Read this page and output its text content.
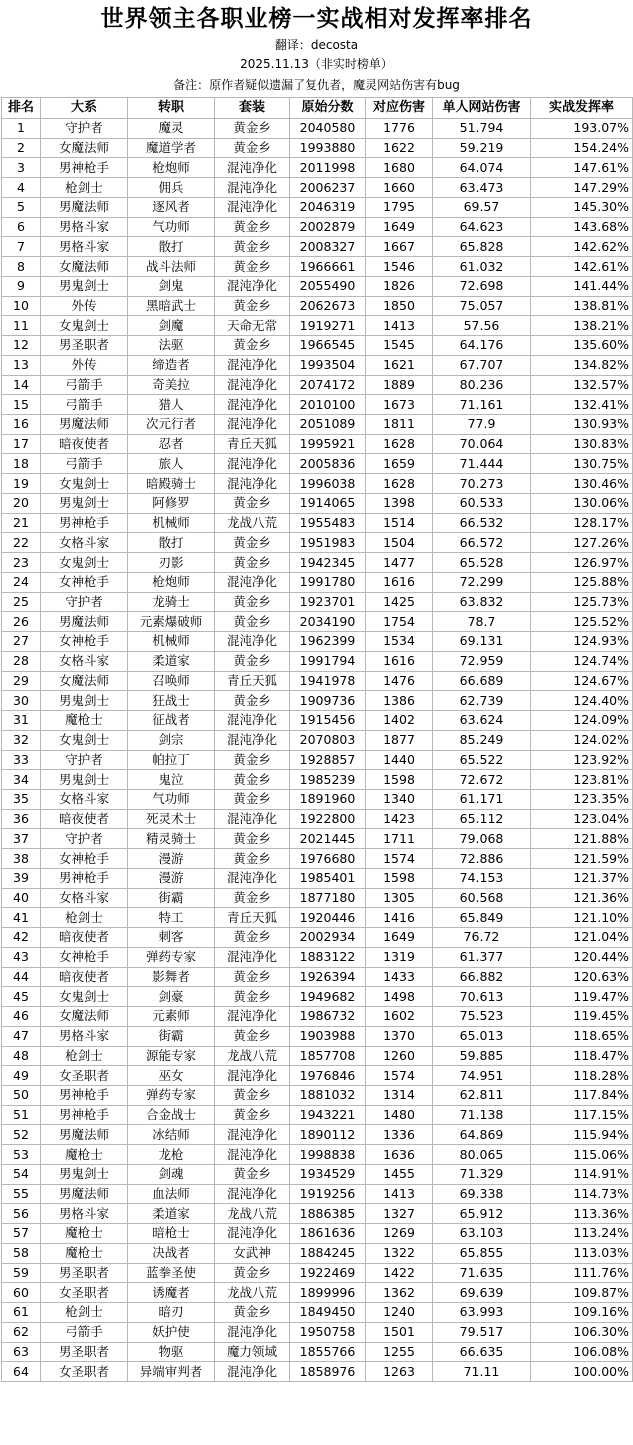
世界领主各职业榜一实战相对发挥率排名
翻译：decosta
2025.11.13（非实时榜单）
备注：原作者疑似遗漏了复仇者，魔灵网站伤害有bug
排名	大系	转职	套装	原始分数	对应伤害	单人网站伤害	实战发挥率
1	守护者	魔灵	黄金乡	2040580	1776	51.794	193.07%
2	女魔法师	魔道学者	黄金乡	1993880	1622	59.219	154.24%
3	男神枪手	枪炮师	混沌净化	2011998	1680	64.074	147.61%
4	枪剑士	佣兵	混沌净化	2006237	1660	63.473	147.29%
5	男魔法师	逐风者	混沌净化	2046319	1795	69.57	145.30%
6	男格斗家	气功师	黄金乡	2002879	1649	64.623	143.68%
7	男格斗家	散打	黄金乡	2008327	1667	65.828	142.62%
8	女魔法师	战斗法师	黄金乡	1966661	1546	61.032	142.61%
9	男鬼剑士	剑鬼	混沌净化	2055490	1826	72.698	141.44%
10	外传	黑暗武士	黄金乡	2062673	1850	75.057	138.81%
11	女鬼剑士	剑魔	天命无常	1919271	1413	57.56	138.21%
12	男圣职者	法驱	黄金乡	1966545	1545	64.176	135.60%
13	外传	缔造者	混沌净化	1993504	1621	67.707	134.82%
14	弓箭手	奇美拉	混沌净化	2074172	1889	80.236	132.57%
15	弓箭手	猎人	混沌净化	2010100	1673	71.161	132.41%
16	男魔法师	次元行者	混沌净化	2051089	1811	77.9	130.93%
17	暗夜使者	忍者	青丘天狐	1995921	1628	70.064	130.83%
18	弓箭手	旅人	混沌净化	2005836	1659	71.444	130.75%
19	女鬼剑士	暗殿骑士	混沌净化	1996038	1628	70.273	130.46%
20	男鬼剑士	阿修罗	黄金乡	1914065	1398	60.533	130.06%
21	男神枪手	机械师	龙战八荒	1955483	1514	66.532	128.17%
22	女格斗家	散打	黄金乡	1951983	1504	66.572	127.26%
23	女鬼剑士	刃影	黄金乡	1942345	1477	65.528	126.97%
24	女神枪手	枪炮师	混沌净化	1991780	1616	72.299	125.88%
25	守护者	龙骑士	黄金乡	1923701	1425	63.832	125.73%
26	男魔法师	元素爆破师	黄金乡	2034190	1754	78.7	125.52%
27	女神枪手	机械师	混沌净化	1962399	1534	69.131	124.93%
28	女格斗家	柔道家	黄金乡	1991794	1616	72.959	124.74%
29	女魔法师	召唤师	青丘天狐	1941978	1476	66.689	124.67%
30	男鬼剑士	狂战士	黄金乡	1909736	1386	62.739	124.40%
31	魔枪士	征战者	混沌净化	1915456	1402	63.624	124.09%
32	女鬼剑士	剑宗	混沌净化	2070803	1877	85.249	124.02%
33	守护者	帕拉丁	黄金乡	1928857	1440	65.522	123.92%
34	男鬼剑士	鬼泣	黄金乡	1985239	1598	72.672	123.81%
35	女格斗家	气功师	黄金乡	1891960	1340	61.171	123.35%
36	暗夜使者	死灵术士	混沌净化	1922800	1423	65.112	123.04%
37	守护者	精灵骑士	黄金乡	2021445	1711	79.068	121.88%
38	女神枪手	漫游	黄金乡	1976680	1574	72.886	121.59%
39	男神枪手	漫游	混沌净化	1985401	1598	74.153	121.37%
40	女格斗家	街霸	黄金乡	1877180	1305	60.568	121.36%
41	枪剑士	特工	青丘天狐	1920446	1416	65.849	121.10%
42	暗夜使者	刺客	黄金乡	2002934	1649	76.72	121.04%
43	女神枪手	弹药专家	混沌净化	1883122	1319	61.377	120.44%
44	暗夜使者	影舞者	黄金乡	1926394	1433	66.882	120.63%
45	女鬼剑士	剑豪	黄金乡	1949682	1498	70.613	119.47%
46	女魔法师	元素师	混沌净化	1986732	1602	75.523	119.45%
47	男格斗家	街霸	黄金乡	1903988	1370	65.013	118.65%
48	枪剑士	源能专家	龙战八荒	1857708	1260	59.885	118.47%
49	女圣职者	巫女	混沌净化	1976846	1574	74.951	118.28%
50	男神枪手	弹药专家	黄金乡	1881032	1314	62.811	117.84%
51	男神枪手	合金战士	黄金乡	1943221	1480	71.138	117.15%
52	男魔法师	冰结师	混沌净化	1890112	1336	64.869	115.94%
53	魔枪士	龙枪	混沌净化	1998838	1636	80.065	115.06%
54	男鬼剑士	剑魂	黄金乡	1934529	1455	71.329	114.91%
55	男魔法师	血法师	混沌净化	1919256	1413	69.338	114.73%
56	男格斗家	柔道家	龙战八荒	1886385	1327	65.912	113.36%
57	魔枪士	暗枪士	混沌净化	1861636	1269	63.103	113.24%
58	魔枪士	决战者	女武神	1884245	1322	65.855	113.03%
59	男圣职者	蓝拳圣使	黄金乡	1922469	1422	71.635	111.76%
60	女圣职者	诱魔者	龙战八荒	1899996	1362	69.639	109.87%
61	枪剑士	暗刃	黄金乡	1849450	1240	63.993	109.16%
62	弓箭手	妖护使	混沌净化	1950758	1501	79.517	106.30%
63	男圣职者	物驱	魔力领域	1855766	1255	66.635	106.08%
64	女圣职者	异端审判者	混沌净化	1858976	1263	71.11	100.00%
